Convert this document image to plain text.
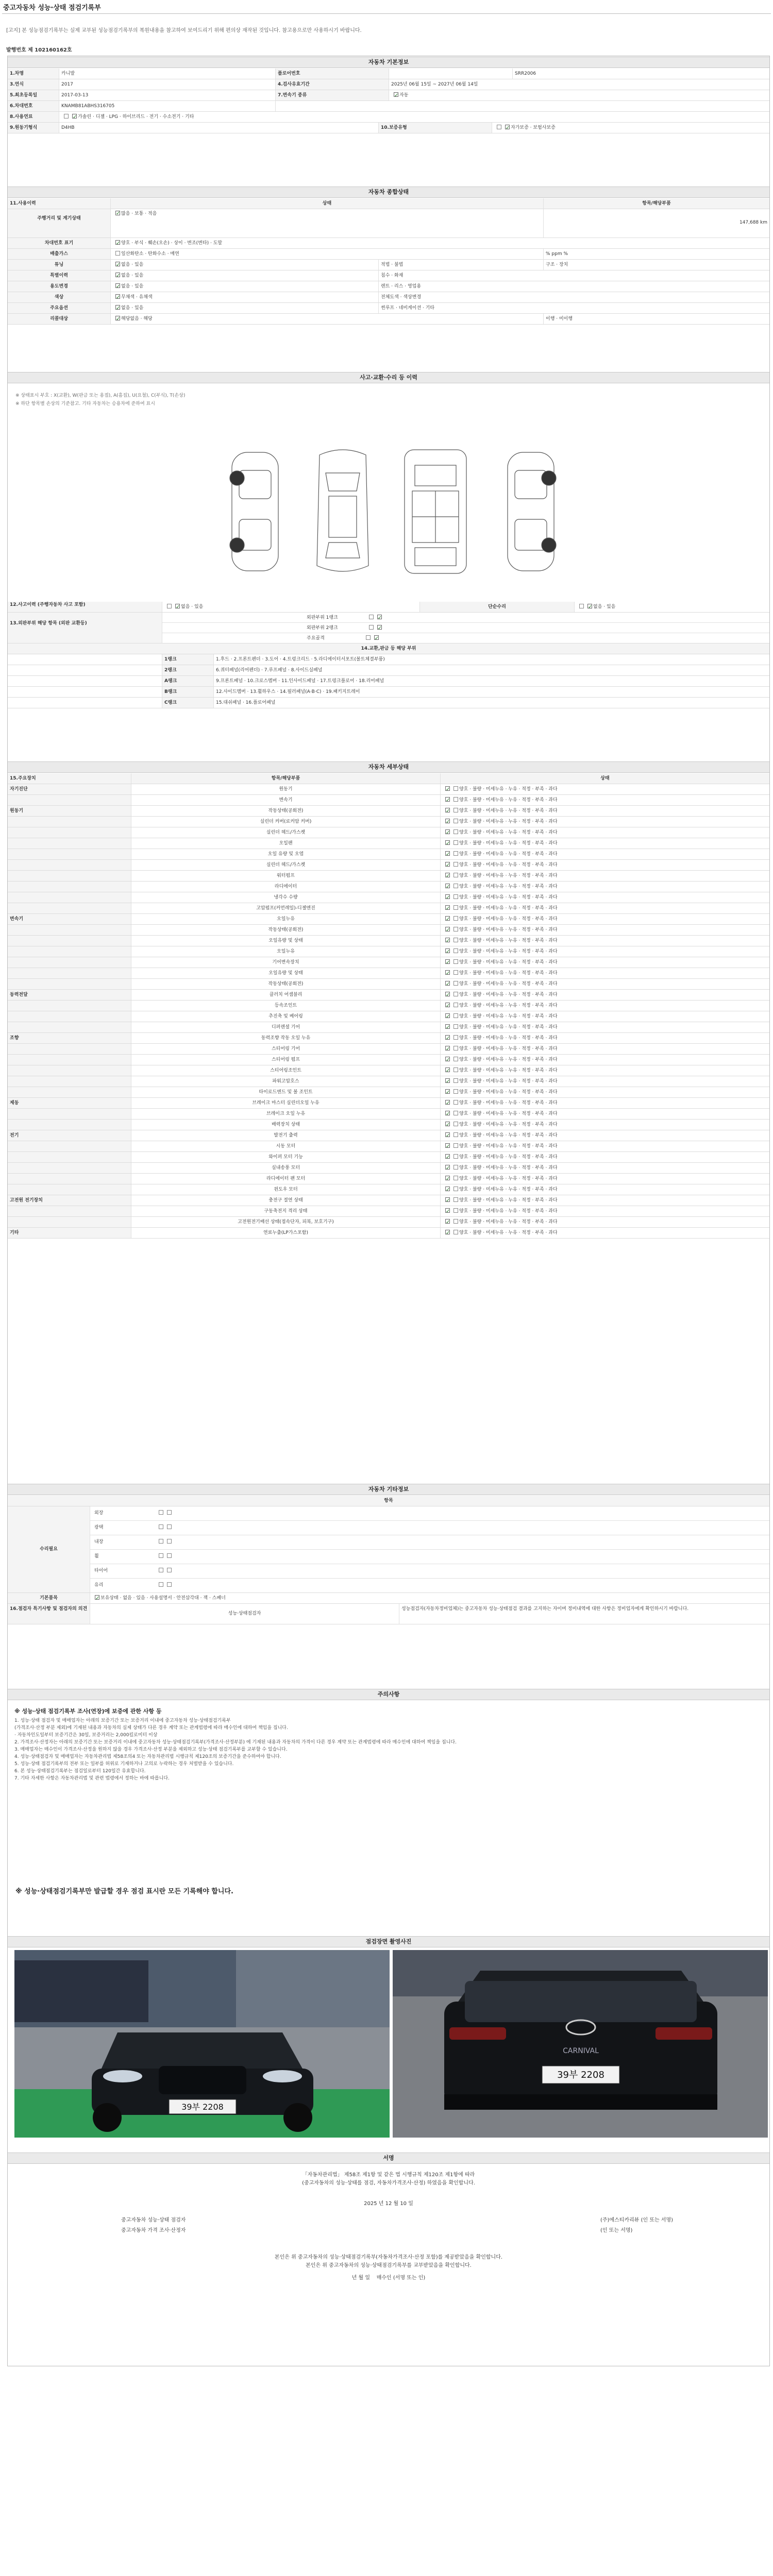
중고자동차 성능·상태 점검기록부
[고지] 본 성능점검기록부는 실제 교부된 성능점검기록부의 복원내용을 참고하여 보여드리기 위해 편의상 재작된 것입니다. 참고용으로만 사용하시기 바랍니다.
발행번호 제 102160162호
자동차 기본정보
1.차명	카니발	플로어번호	SRR2006
3.연식	2017	4.검사유효기간	2025년 06월 15일 ~ 2027년 06월 14일
5.최초등록일	2017-03-13	7.변속기 종류 ✓	자동
6.차대번호	KNAMB81ABHS316705
8.사용연료 ✓	가솔린 · 디젤 · LPG · 하이브리드 · 전기 · 수소전기 · 기타
9.원동기형식	D4HB	10.보증유형 ✓	자가보증 · 보험사보증
자동차 종합상태
11.사용이력	상태	항목/해당부품
주행거리 및 계기상태
✓많음 · 보통 · 적음
147,688 km
차대번호 표기 ✓	양호 · 부식 · 훼손(오손) · 상이 · 변조(변타) · 도말
배출가스	일산화탄소 · 탄화수소 · 매연	% ppm %
튜닝 ✓	없음 · 있음	적법 · 불법	구조 · 장치
특별이력 ✓	없음 · 있음	침수 · 화재
용도변경 ✓	없음 · 있음	렌트 · 리스 · 영업용
색상 ✓	무채색 · 유채색	전체도색 · 색상변경
주요옵션 ✓	없음 · 있음	썬루프 · 네비게이션 · 기타
리콜대상 ✓	해당없음 · 해당	이행 · 미이행
사고·교환·수리 등 이력
※ 상태표시 부호 : X(교환), W(판금 또는 용접), A(흠집), U(요철), C(부식), T(손상)
※ 하단 항목별 손상의 기준참고. 기타 자동차는 승용차에 준하여 표시
12.사고이력 (주행자동차 사고 포함) ✓	없음 · 있음	단순수리 ✓	없음 · 있음
13.외판부위 해당 항목 (외판 교환등)
외판부위 1랭크✓
외판부위 2랭크✓
주요골격✓
14.교환,판금 등 해당 부위
1랭크	1.후드 · 2.프론트펜더 · 3.도어 · 4.트렁크리드 · 5.라디에이터서포트(볼트체결부품)
2랭크	6.쿼터패널(리어펜더) · 7.루프패널 · 8.사이드실패널
A랭크	9.프론트패널 · 10.크로스멤버 · 11.인사이드패널 · 17.트렁크플로어 · 18.리어패널
B랭크	12.사이드멤버 · 13.휠하우스 · 14.필러패널(A·B·C) · 19.패키지트레이
C랭크	15.대쉬패널 · 16.플로어패널
자동차 세부상태
15.주요장치	항목/해당부품	상태
자기진단	원동기 ✓	양호 · 불량 · 미세누유 · 누유 · 적정 · 부족 · 과다
변속기 ✓	양호 · 불량 · 미세누유 · 누유 · 적정 · 부족 · 과다
원동기	작동상태(공회전) ✓	양호 · 불량 · 미세누유 · 누유 · 적정 · 부족 · 과다
실린더 커버(로커암 커버) ✓	양호 · 불량 · 미세누유 · 누유 · 적정 · 부족 · 과다
실린더 헤드/가스켓 ✓	양호 · 불량 · 미세누유 · 누유 · 적정 · 부족 · 과다
오일팬 ✓	양호 · 불량 · 미세누유 · 누유 · 적정 · 부족 · 과다
오일 유량 및 오염 ✓	양호 · 불량 · 미세누유 · 누유 · 적정 · 부족 · 과다
실린더 헤드/가스켓 ✓	양호 · 불량 · 미세누유 · 누유 · 적정 · 부족 · 과다
워터펌프 ✓	양호 · 불량 · 미세누유 · 누유 · 적정 · 부족 · 과다
라디에이터 ✓	양호 · 불량 · 미세누유 · 누유 · 적정 · 부족 · 과다
냉각수 수량 ✓	양호 · 불량 · 미세누유 · 누유 · 적정 · 부족 · 과다
고압펌프(커먼레일)-디젤엔진 ✓	양호 · 불량 · 미세누유 · 누유 · 적정 · 부족 · 과다
변속기	오일누유 ✓	양호 · 불량 · 미세누유 · 누유 · 적정 · 부족 · 과다
작동상태(공회전) ✓	양호 · 불량 · 미세누유 · 누유 · 적정 · 부족 · 과다
오일유량 및 상태 ✓	양호 · 불량 · 미세누유 · 누유 · 적정 · 부족 · 과다
오일누유 ✓	양호 · 불량 · 미세누유 · 누유 · 적정 · 부족 · 과다
기어변속장치 ✓	양호 · 불량 · 미세누유 · 누유 · 적정 · 부족 · 과다
오일유량 및 상태 ✓	양호 · 불량 · 미세누유 · 누유 · 적정 · 부족 · 과다
작동상태(공회전) ✓	양호 · 불량 · 미세누유 · 누유 · 적정 · 부족 · 과다
동력전달	클러치 어셈블리 ✓	양호 · 불량 · 미세누유 · 누유 · 적정 · 부족 · 과다
등속조인트 ✓	양호 · 불량 · 미세누유 · 누유 · 적정 · 부족 · 과다
추진축 및 베어링 ✓	양호 · 불량 · 미세누유 · 누유 · 적정 · 부족 · 과다
디퍼렌셜 기어 ✓	양호 · 불량 · 미세누유 · 누유 · 적정 · 부족 · 과다
조향	동력조향 작동 오일 누유 ✓	양호 · 불량 · 미세누유 · 누유 · 적정 · 부족 · 과다
스티어링 기어 ✓	양호 · 불량 · 미세누유 · 누유 · 적정 · 부족 · 과다
스티어링 펌프 ✓	양호 · 불량 · 미세누유 · 누유 · 적정 · 부족 · 과다
스티어링조인트 ✓	양호 · 불량 · 미세누유 · 누유 · 적정 · 부족 · 과다
파워고압호스 ✓	양호 · 불량 · 미세누유 · 누유 · 적정 · 부족 · 과다
타이로드엔드 및 볼 조인트 ✓	양호 · 불량 · 미세누유 · 누유 · 적정 · 부족 · 과다
제동	브레이크 마스터 실린더오일 누유 ✓	양호 · 불량 · 미세누유 · 누유 · 적정 · 부족 · 과다
브레이크 오일 누유 ✓	양호 · 불량 · 미세누유 · 누유 · 적정 · 부족 · 과다
배력장치 상태 ✓	양호 · 불량 · 미세누유 · 누유 · 적정 · 부족 · 과다
전기	발전기 출력 ✓	양호 · 불량 · 미세누유 · 누유 · 적정 · 부족 · 과다
시동 모터 ✓	양호 · 불량 · 미세누유 · 누유 · 적정 · 부족 · 과다
와이퍼 모터 기능 ✓	양호 · 불량 · 미세누유 · 누유 · 적정 · 부족 · 과다
실내송풍 모터 ✓	양호 · 불량 · 미세누유 · 누유 · 적정 · 부족 · 과다
라디에이터 팬 모터 ✓	양호 · 불량 · 미세누유 · 누유 · 적정 · 부족 · 과다
윈도우 모터 ✓	양호 · 불량 · 미세누유 · 누유 · 적정 · 부족 · 과다
고전원 전기장치	충전구 절연 상태 ✓	양호 · 불량 · 미세누유 · 누유 · 적정 · 부족 · 과다
구동축전지 격리 상태 ✓	양호 · 불량 · 미세누유 · 누유 · 적정 · 부족 · 과다
고전원전기배선 상태(접속단자, 피복, 보호기구) ✓	양호 · 불량 · 미세누유 · 누유 · 적정 · 부족 · 과다
기타	연료누출(LP가스포함) ✓	양호 · 불량 · 미세누유 · 누유 · 적정 · 부족 · 과다
자동차 기타정보
항목
수리필요
외장
광택
내장
휠
타이어
유리
기본품목 ✓	보유상태 · 없음 · 있음 · 사용설명서 · 안전삼각대 · 잭 · 스패너
16.점검자 특기사항 및 점검자의 의견
성능·상태점검자
성능점검자(자동차정비업체)는 중고자동차 성능·상태점검 결과를 고지하는 자이며 정비내역에 대한 사항은 정비업자에게 확인하시기 바랍니다.
주의사항
※ 성능·상태 점검기록부 조사(연장)에 보증에 관한 사항 등
1. 성능·상태 점검자 및 매매업자는 아래의 보증기간 또는 보증거리 이내에 중고자동차 성능·상태점검기록부
(가격조사·산정 부분 제외)에 기재된 내용과 자동차의 실제 상태가 다른 경우 계약 또는 관계법령에 따라 매수인에 대하여 책임을 집니다.
· 자동차인도일부터 보증기간은 30일, 보증거리는 2,000킬로미터 이상
2. 가격조사·산정자는 아래의 보증기간 또는 보증거리 이내에 중고자동차 성능·상태점검기록부(가격조사·산정부분) 에 기재된 내용과 자동차의 가격이 다른 경우 계약 또는 관계법령에 따라 매수인에 대하여 책임을 집니다.
3. 매매업자는 매수인이 가격조사·산정을 원하지 않을 경우 가격조사·산정 부분을 제외하고 성능·상태 점검기록부를 교부할 수 있습니다.
4. 성능·상태점검자 및 매매업자는 자동차관리법 제58조의4 또는 자동차관리법 시행규칙 제120조의 보증기간을 준수하여야 합니다.
5. 성능·상태 점검기록부의 전부 또는 일부를 허위로 기재하거나 고의로 누락하는 경우 처벌받을 수 있습니다.
6. 본 성능·상태점검기록부는 점검일로부터 120일간 유효합니다.
7. 기타 자세한 사항은 자동차관리법 및 관련 법령에서 정하는 바에 따릅니다.
※ 성능·상태점검기록부만 발급할 경우 점검 표시란 모든 기록해야 합니다.
점검장면 촬영사진
39부 2208
CARNIVAL
39부 2208
서명
「자동차관리법」 제58조 제1항 및 같은 법 시행규칙 제120조 제1항에 따라
(중고자동차의 성능·상태를 점검, 자동차가격조사·산정) 하였음을 확인합니다.
2025 년 12 월 10 일
중고자동차 성능·상태 점검자	(주)에스티카리뷰 (인 또는 서명)
중고자동차 가격 조사·산정자	(인 또는 서명)
본인은 위 중고자동차의 성능·상태점검기록부(자동차가격조사·산정 포함)를 제공받았음을 확인합니다.
본인은 위 중고자동차의 성능·상태점검기록부를 교부받았음을 확인합니다.
년 월 일 매수인 (서명 또는 인)
